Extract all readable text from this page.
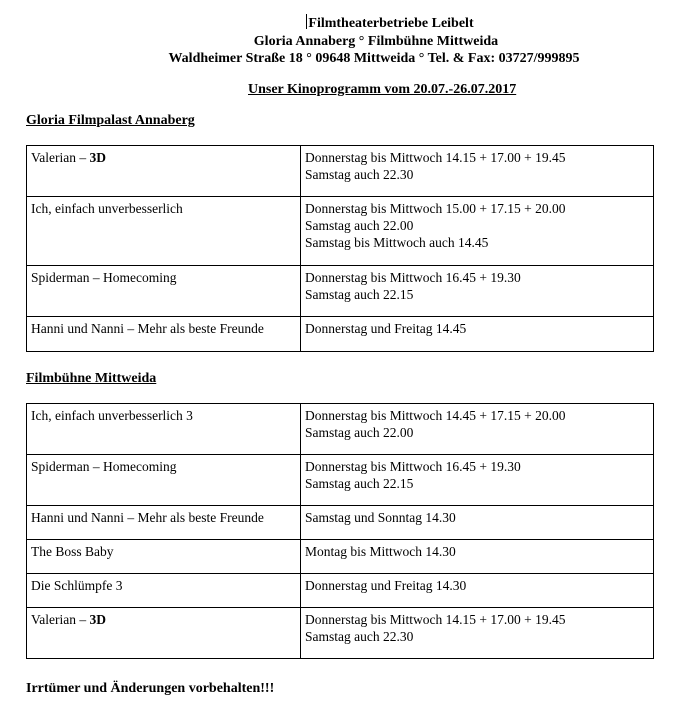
Filmtheaterbetriebe Leibelt
Gloria Annaberg ° Filmbühne Mittweida
Waldheimer Straße 18 ° 09648 Mittweida ° Tel. & Fax: 03727/999895
Unser Kinoprogramm vom 20.07.-26.07.2017
Gloria Filmpalast Annaberg
Valerian – 3D	Donnerstag bis Mittwoch 14.15 + 17.00 + 19.45
Samstag auch 22.30

Ich, einfach unverbesserlich	Donnerstag bis Mittwoch 15.00 + 17.15 + 20.00
Samstag auch 22.00
Samstag bis Mittwoch auch 14.45

Spiderman – Homecoming	Donnerstag bis Mittwoch 16.45 + 19.30
Samstag auch 22.15

Hanni und Nanni – Mehr als beste Freunde	Donnerstag und Freitag 14.45
Filmbühne Mittweida
Ich, einfach unverbesserlich 3	Donnerstag bis Mittwoch 14.45 + 17.15 + 20.00
Samstag auch 22.00

Spiderman – Homecoming	Donnerstag bis Mittwoch 16.45 + 19.30
Samstag auch 22.15

Hanni und Nanni – Mehr als beste Freunde	Samstag und Sonntag 14.30

The Boss Baby	Montag bis Mittwoch 14.30

Die Schlümpfe 3	Donnerstag und Freitag 14.30

Valerian – 3D	Donnerstag bis Mittwoch 14.15 + 17.00 + 19.45
Samstag auch 22.30
Irrtümer und Änderungen vorbehalten!!!
